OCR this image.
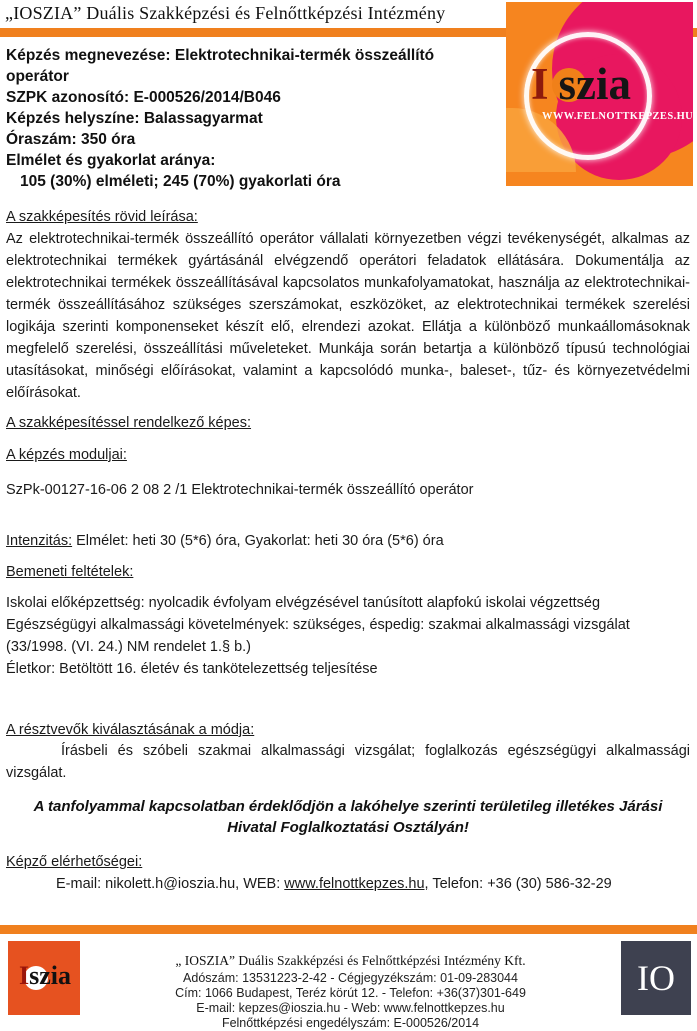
„IOSZIA” Duális Szakképzési és Felnőttképzési Intézmény
I szia
WWW.FELNOTTKEPZES.HU
Képzés megnevezése: Elektrotechnikai-termék összeállító operátor
SZPK azonosító: E-000526/2014/B046
Képzés helyszíne: Balassagyarmat
Óraszám: 350 óra
Elmélet és gyakorlat aránya:
105 (30%) elméleti; 245 (70%) gyakorlati óra

A szakképesítés rövid leírása:

Az elektrotechnikai-termék összeállító operátor vállalati környezetben végzi tevékenységét, alkalmas az elektrotechnikai termékek gyártásánál elvégzendő operátori feladatok ellátására. Dokumentálja az elektrotechnikai termékek összeállításával kapcsolatos munkafolyamatokat, használja az elektrotechnikai-termék összeállításához szükséges szerszámokat, eszközöket, az elektrotechnikai termékek szerelési logikája szerinti komponenseket készít elő, elrendezi azokat. Ellátja a különböző munkaállomásoknak megfelelő szerelési, összeállítási műveleteket. Munkája során betartja a különböző típusú technológiai utasításokat, minőségi előírásokat, valamint a kapcsolódó munka-, baleset-, tűz- és környezetvédelmi előírásokat.

A szakképesítéssel rendelkező képes:

A képzés moduljai:

SzPk-00127-16-06 2 08 2 /1 Elektrotechnikai-termék összeállító operátor

Intenzitás: Elmélet: heti 30 (5*6) óra, Gyakorlat: heti 30 óra (5*6) óra

Bemeneti feltételek:

Iskolai előképzettség: nyolcadik évfolyam elvégzésével tanúsított alapfokú iskolai végzettség
Egészségügyi alkalmassági követelmények: szükséges, éspedig: szakmai alkalmassági vizsgálat
(33/1998. (VI. 24.) NM rendelet 1.§ b.)
Életkor: Betöltött 16. életév és tankötelezettség teljesítése

A résztvevők kiválasztásának a módja:

Írásbeli és szóbeli szakmai alkalmassági vizsgálat; foglalkozás egészségügyi alkalmassági vizsgálat.

A tanfolyammal kapcsolatban érdeklődjön a lakóhelye szerinti területileg illetékes Járási Hivatal Foglalkoztatási Osztályán!

Képző elérhetőségei:

E-mail: nikolett.h@ioszia.hu, WEB: www.felnottkepzes.hu, Telefon: +36 (30) 586-32-29

Iszia
„ IOSZIA” Duális Szakképzési és Felnőttképzési Intézmény Kft.
Adószám: 13531223-2-42 - Cégjegyzékszám: 01-09-283044
Cím: 1066 Budapest, Teréz körút 12. - Telefon: +36(37)301-649
E-mail: kepzes@ioszia.hu - Web: www.felnottkepzes.hu
Felnőttképzési engedélyszám: E-000526/2014
IO
